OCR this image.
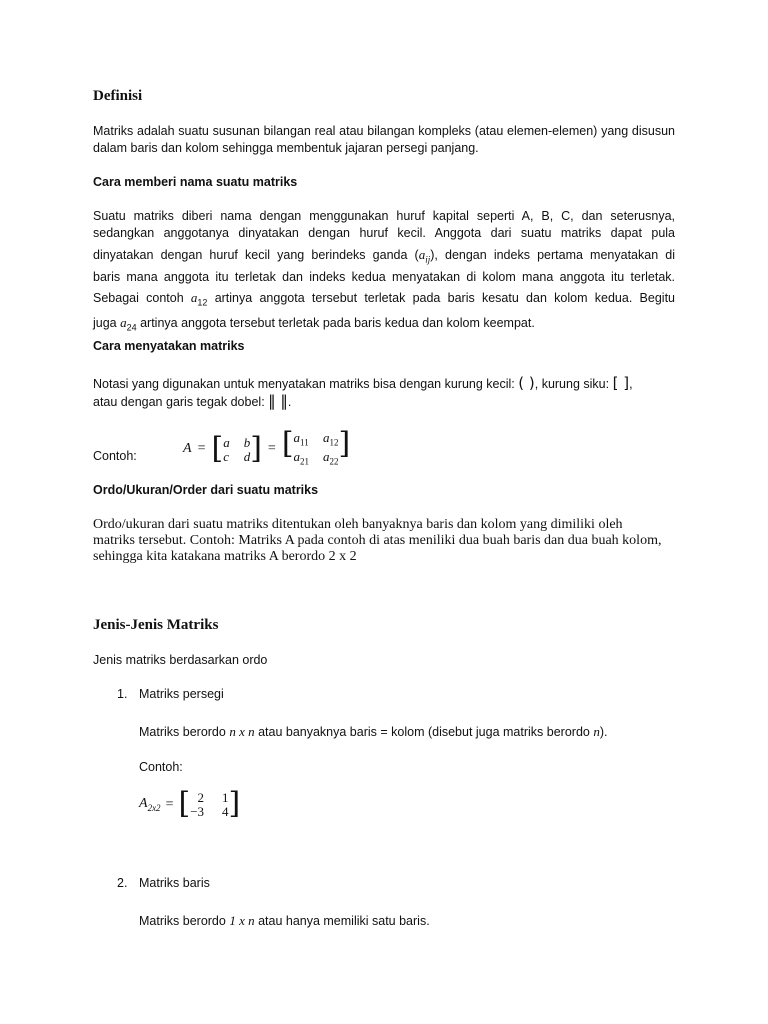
Definisi
Matriks adalah suatu susunan bilangan real atau bilangan kompleks (atau elemen-elemen) yang disusun dalam baris dan kolom sehingga membentuk jajaran persegi panjang.
Cara memberi nama suatu matriks
Suatu matriks diberi nama dengan menggunakan huruf kapital seperti A, B, C, dan seterusnya,
sedangkan anggotanya dinyatakan dengan huruf kecil. Anggota dari suatu matriks dapat pula
dinyatakan dengan huruf kecil yang berindeks ganda $(a_{ij})$, dengan indeks pertama menyatakan di
baris mana anggota itu terletak dan indeks kedua menyatakan di kolom mana anggota itu terletak.
Sebagai contoh $a_{12}$ artinya anggota tersebut terletak pada baris kesatu dan kolom kedua. Begitu
juga $a_{24}$ artinya anggota tersebut terletak pada baris kedua dan kolom keempat.
Cara menyatakan matriks
Notasi yang digunakan untuk menyatakan matriks bisa dengan kurung kecil: ( ), kurung siku: [ ],
atau dengan garis tegak dobel: ‖ ‖.
Contoh:	A = [ a b
c d ] = [ $a_{11}$ $a_{12}$
$a_{21}$ $a_{22}$
]
Ordo/Ukuran/Order dari suatu matriks
Ordo/ukuran dari suatu matriks ditentukan oleh banyaknya baris dan kolom yang dimiliki oleh
matriks tersebut. Contoh: Matriks A pada contoh di atas meniliki dua buah baris dan dua buah kolom,
sehingga kita katakana matriks A berordo 2 x 2
Jenis-Jenis Matriks
Jenis matriks berdasarkan ordo
1. Matriks persegi
Matriks berordo n x n atau banyaknya baris = kolom (disebut juga matriks berordo n).
Contoh:
$A_{2x2}$ = [ 2 1
−3 4 ]
2. Matriks baris
Matriks berordo 1 x n atau hanya memiliki satu baris.
